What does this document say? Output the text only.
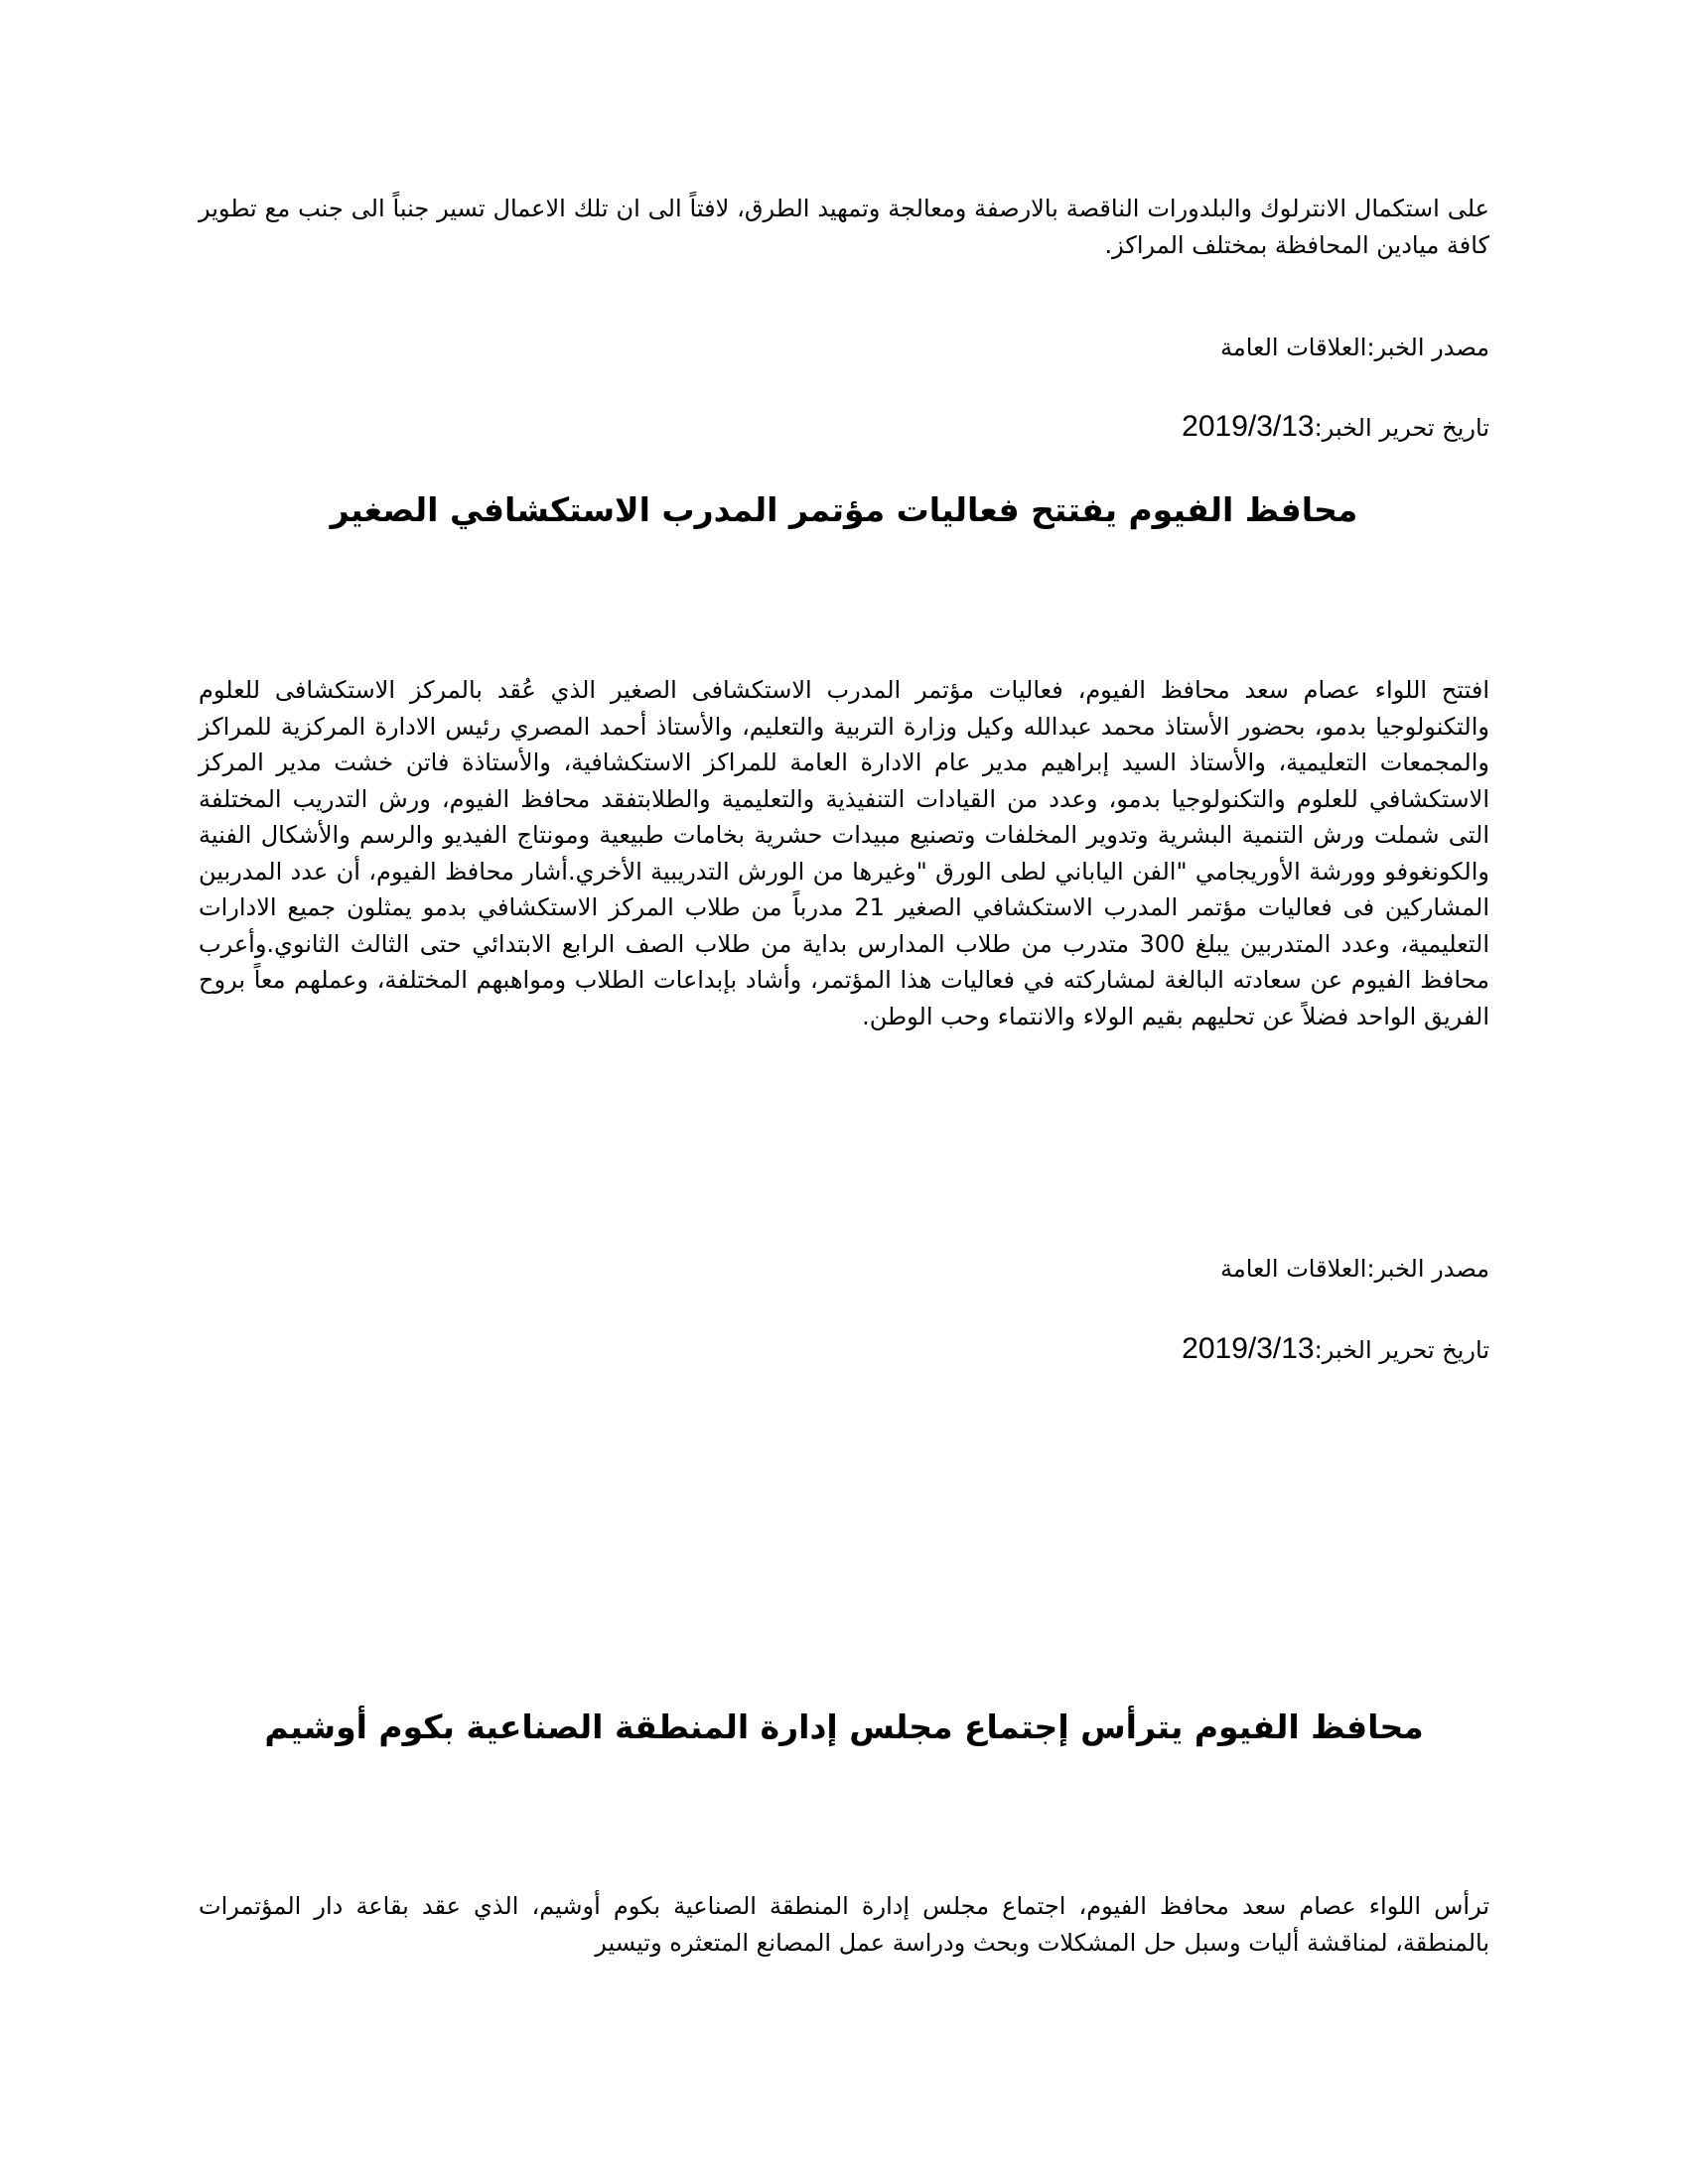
على استكمال الانترلوك والبلدورات الناقصة بالارصفة ومعالجة وتمهيد الطرق، لافتاً الى ان تلك الاعمال تسير جنباً الى جنب مع تطوير كافة ميادين المحافظة بمختلف المراكز.

مصدر الخبر:العلاقات العامة

تاريخ تحرير الخبر:2019/3/13

محافظ الفيوم يفتتح فعاليات مؤتمر المدرب الاستكشافي الصغير

افتتح اللواء عصام سعد محافظ الفيوم، فعاليات مؤتمر المدرب الاستكشافى الصغير الذي عُقد بالمركز الاستكشافى للعلوم والتكنولوجيا بدمو، بحضور الأستاذ محمد عبدالله وكيل وزارة التربية والتعليم، والأستاذ أحمد المصري رئيس الادارة المركزية للمراكز والمجمعات التعليمية، والأستاذ السيد إبراهيم مدير عام الادارة العامة للمراكز الاستكشافية، والأستاذة فاتن خشت مدير المركز الاستكشافي للعلوم والتكنولوجيا بدمو، وعدد من القيادات التنفيذية والتعليمية والطلابتفقد محافظ الفيوم، ورش التدريب المختلفة التى شملت ورش التنمية البشرية وتدوير المخلفات وتصنيع مبيدات حشرية بخامات طبيعية ومونتاج الفيديو والرسم والأشكال الفنية والكونغوفو وورشة الأوريجامي "الفن الياباني لطى الورق "وغيرها من الورش التدريبية الأخري.أشار محافظ الفيوم، أن عدد المدربين المشاركين فى فعاليات مؤتمر المدرب الاستكشافي الصغير 21 مدرباً من طلاب المركز الاستكشافي بدمو يمثلون جميع الادارات التعليمية، وعدد المتدربين يبلغ 300 متدرب من طلاب المدارس بداية من طلاب الصف الرابع الابتدائي حتى الثالث الثانوي.وأعرب محافظ الفيوم عن سعادته البالغة لمشاركته في فعاليات هذا المؤتمر، وأشاد بإبداعات الطلاب ومواهبهم المختلفة، وعملهم معاً بروح الفريق الواحد فضلاً عن تحليهم بقيم الولاء والانتماء وحب الوطن.

مصدر الخبر:العلاقات العامة

تاريخ تحرير الخبر:2019/3/13

محافظ الفيوم يترأس إجتماع مجلس إدارة المنطقة الصناعية بكوم أوشيم

ترأس اللواء عصام سعد محافظ الفيوم، اجتماع مجلس إدارة المنطقة الصناعية بكوم أوشيم، الذي عقد بقاعة دار المؤتمرات بالمنطقة، لمناقشة أليات وسبل حل المشكلات وبحث ودراسة عمل المصانع المتعثره وتيسير
